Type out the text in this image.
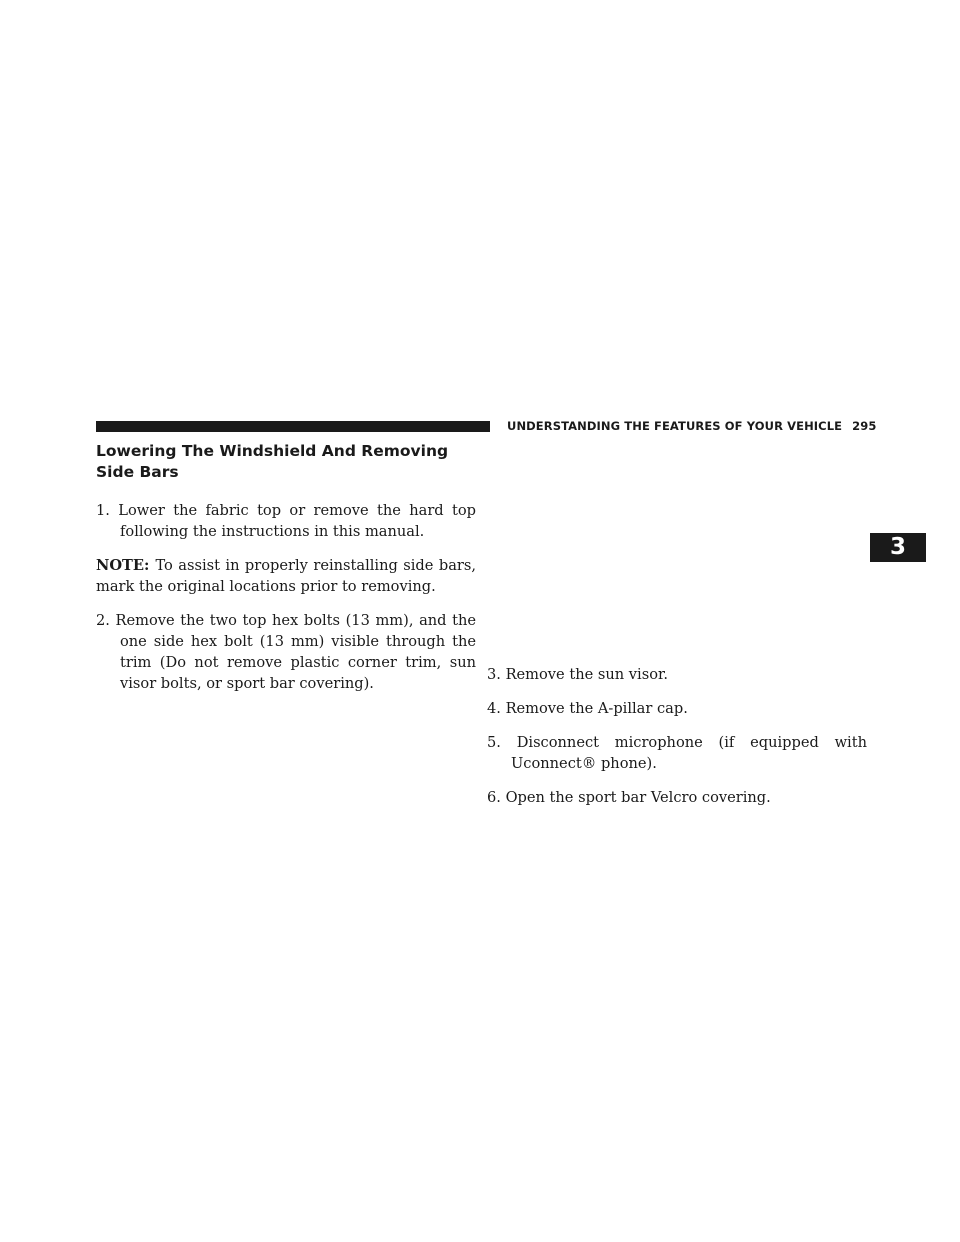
UNDERSTANDING THE FEATURES OF YOUR VEHICLE 295
3
Lowering The Windshield And Removing Side Bars

1. Lower the fabric top or remove the hard top following the instructions in this manual.

NOTE: To assist in properly reinstalling side bars, mark the original locations prior to removing.

2. Remove the two top hex bolts (13 mm), and the one side hex bolt (13 mm) visible through the trim (Do not remove plastic corner trim, sun visor bolts, or sport bar covering).

3. Remove the sun visor.

4. Remove the A-pillar cap.

5. Disconnect microphone (if equipped with Uconnect® phone).

6. Open the sport bar Velcro covering.
